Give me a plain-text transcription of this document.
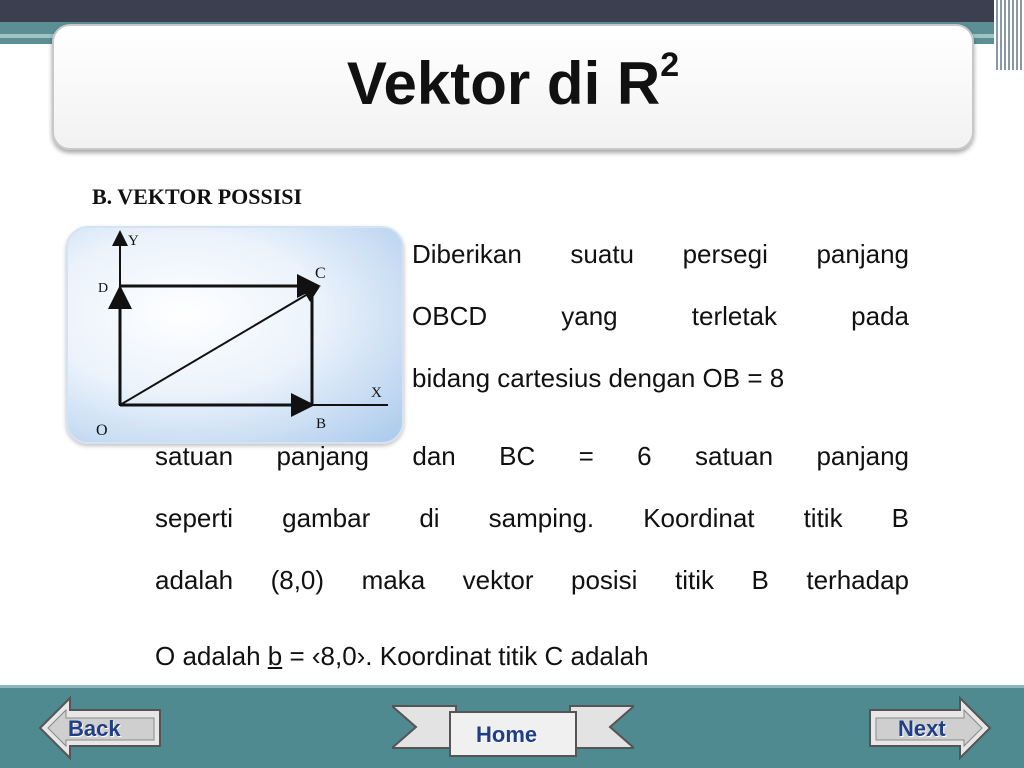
Vektor di $R^2$
B. VEKTOR POSSISI
Y
X
O	B
C
D
Diberikan suatu persegi panjang
OBCD yang terletak pada
bidang cartesius dengan OB = 8
satuan panjang dan BC = 6 satuan panjang
seperti gambar di samping. Koordinat titik B
adalah (8,0) maka vektor posisi titik B terhadap
O adalah b = ‹8,0›. Koordinat titik C adalah
Back	Home	Next
